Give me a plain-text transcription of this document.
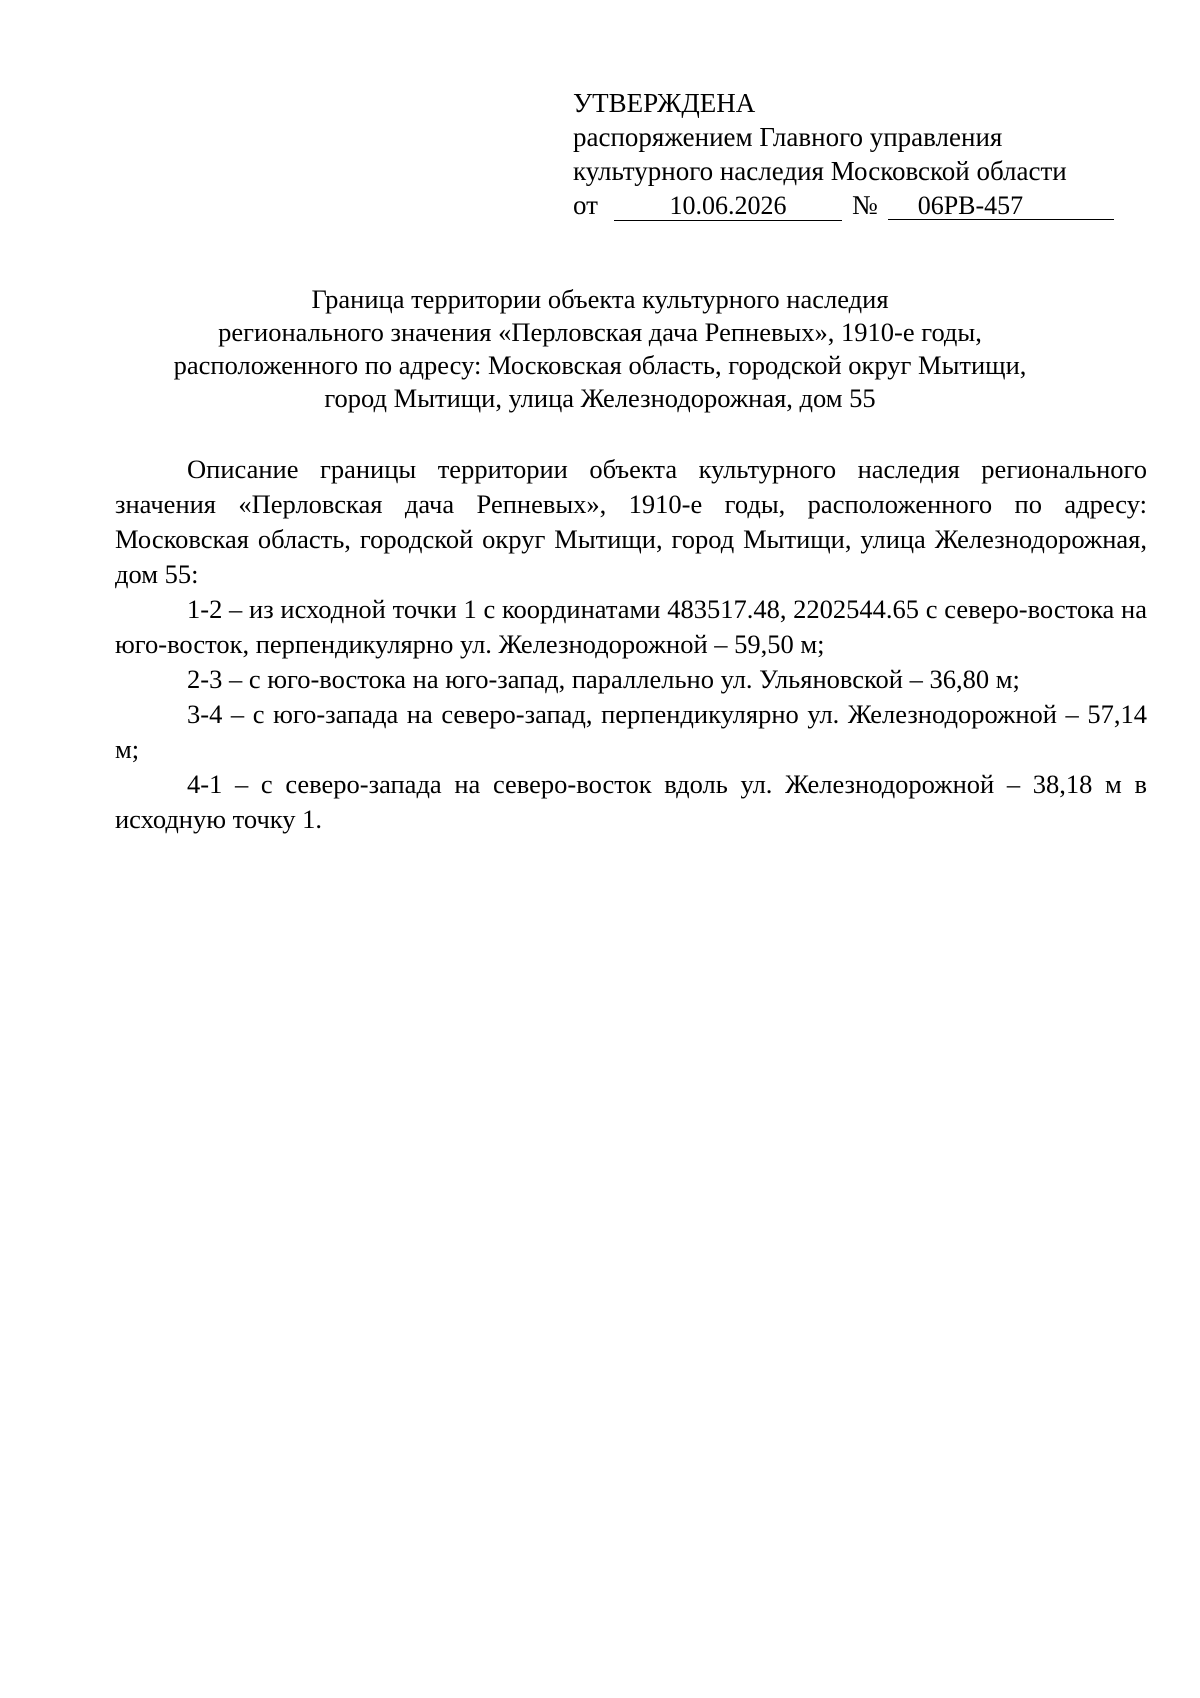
УТВЕРЖДЕНА
распоряжением Главного управления
культурного наследия Московской области
от	10.06.2026	№	06РВ-457
Граница территории объекта культурного наследия
регионального значения «Перловская дача Репневых», 1910-е годы,
расположенного по адресу: Московская область, городской округ Мытищи,
город Мытищи, улица Железнодорожная, дом 55

Описание границы территории объекта культурного наследия регионального значения «Перловская дача Репневых», 1910-е годы, расположенного по адресу: Московская область, городской округ Мытищи, город Мытищи, улица Железнодорожная, дом 55:

1-2 – из исходной точки 1 с координатами 483517.48, 2202544.65 с северо-востока на юго-восток, перпендикулярно ул. Железнодорожной – 59,50 м;

2-3 – с юго-востока на юго-запад, параллельно ул. Ульяновской – 36,80 м;

3-4 – с юго-запада на северо-запад, перпендикулярно ул. Железнодорожной – 57,14 м;

4-1 – с северо-запада на северо-восток вдоль ул. Железнодорожной – 38,18 м в исходную точку 1.
